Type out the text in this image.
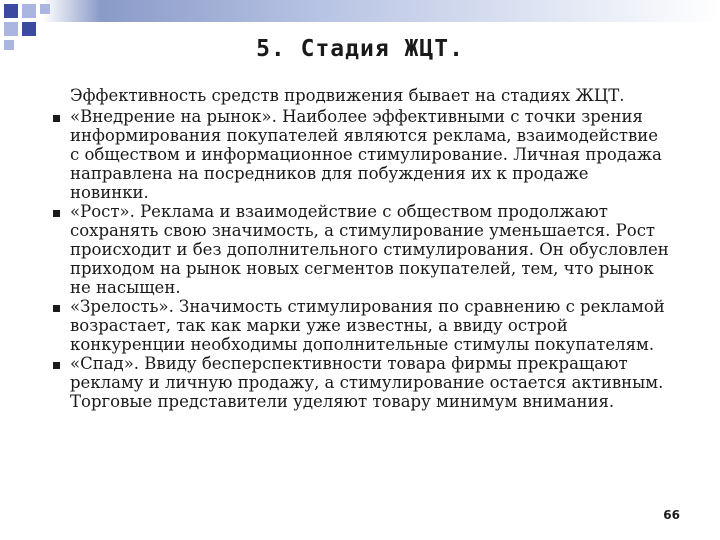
5. Стадия ЖЦТ.

Эффективность средств продвижения бывает на стадиях ЖЦТ.

«Внедрение на рынок». Наиболее эффективными с точки зрения информирования покупателей являются реклама, взаимодействие с обществом и информационное стимулирование. Личная продажа направлена на посредников для побуждения их к продаже новинки.

«Рост». Реклама и взаимодействие с обществом продолжают сохранять свою значимость, а стимулирование уменьшается. Рост происходит и без дополнительного стимулирования. Он обусловлен приходом на рынок новых сегментов покупателей, тем, что рынок не насыщен.

«Зрелость». Значимость стимулирования по сравнению с рекламой возрастает, так как марки уже известны, а ввиду острой конкуренции необходимы дополнительные стимулы покупателям.

«Спад». Ввиду бесперспективности товара фирмы прекращают рекламу и личную продажу, а стимулирование остается активным. Торговые представители уделяют товару минимум внимания.

66
